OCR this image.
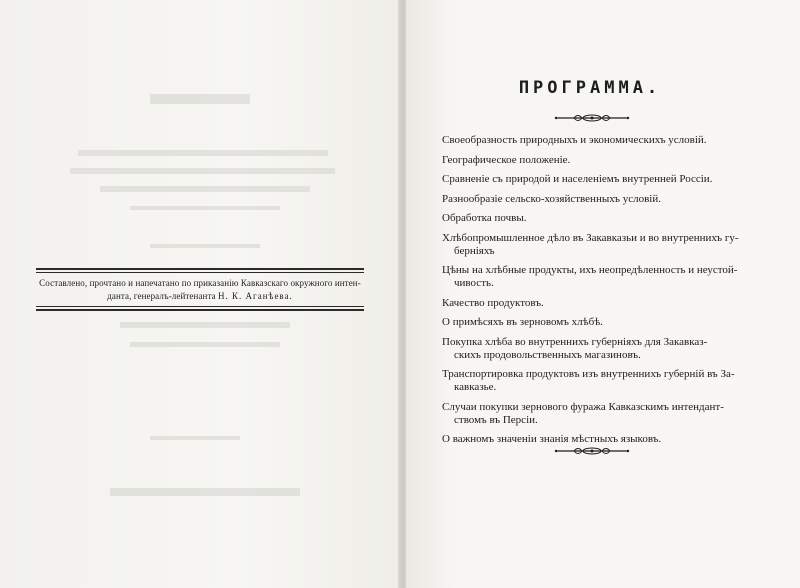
Составлено, прочтано и напечатано по приказанію Кавказскаго окружного интен-
данта, генералъ-лейтенанта Н. К. Аганѣева.
ПРОГРАММА.
Своеобразность природныхъ и экономическихъ условій.
Географическое положеніе.
Сравненіе съ природой и населеніемъ внутренней Россіи.
Разнообразіе сельско-хозяйственныхъ условій.
Обработка почвы.
Хлѣбопромышленное дѣло въ Закавказьи и во внутреннихъ гу-
берніяхъ
Цѣны на хлѣбные продукты, ихъ неопредѣленность и неустой-
чивость.
Качество продуктовъ.
О примѣсяхъ въ зерновомъ хлѣбѣ.
Покупка хлѣба во внутреннихъ губерніяхъ для Закавказ-
скихъ продовольственныхъ магазиновъ.
Транспортировка продуктовъ изъ внутреннихъ губерній въ За-
кавказье.
Случаи покупки зернового фуража Кавказскимъ интендант-
ствомъ въ Персіи.
О важномъ значеніи знанія мѣстныхъ языковъ.
